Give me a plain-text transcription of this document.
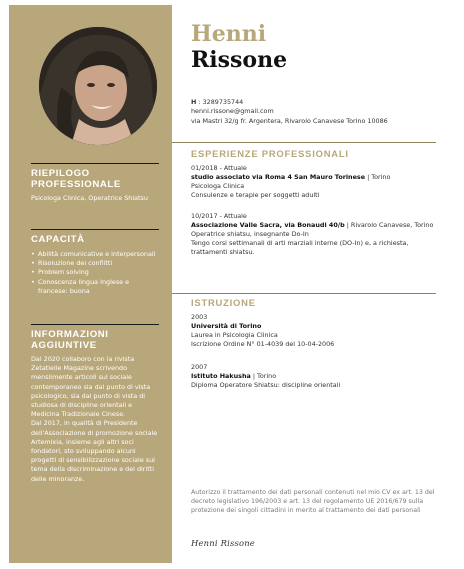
RIEPILOGO PROFESSIONALE
Psicologa Clinica, Operatrice Shiatsu
CAPACITÀ
• Abilità comunicative e interpersonali
• Risoluzione dei conflitti
• Problem solving
• Conoscenza lingua Inglese e francese: buona
INFORMAZIONI AGGIUNTIVE
Dal 2020 collaboro con la rivista Zetatielle Magazine scrivendo mensilmente articoli sul sociale contemporaneo sia dal punto di vista psicologico, sia dal punto di vista di studiosa di discipline orientali e Medicina Tradizionale Cinese.
Dal 2017, in qualità di Presidente dell'Associazione di promozione sociale Artemixia, insieme agli altri soci fondatori, sto sviluppando alcuni progetti di sensibilizzazione sociale sul tema della discriminazione e dei diritti delle minoranze.
Henni
Rissone
H : 3289735744
henni.rissone@gmail.com
via Mastri 32/g fr. Argentera, Rivarolo Canavese Torino 10086
ESPERIENZE PROFESSIONALI
01/2018 - Attuale
studio associato via Roma 4 San Mauro Torinese | Torino
Psicologa Clinica
Consulenze e terapie per soggetti adulti
10/2017 - Attuale
Associazione Valle Sacra, via Bonaudi 40/b | Rivarolo Canavese, Torino
Operatrice shiatsu, insegnante Do-In
Tengo corsi settimanali di arti marziali interne (DO-In) e, a richiesta, trattamenti shiatsu.
ISTRUZIONE
2003
Università di Torino
Laurea in Psicologia Clinica
Iscrizione Ordine N° 01-4039 del 10-04-2006
2007
Istituto Hakusha | Torino
Diploma Operatore Shiatsu: discipline orientali
Autorizzo il trattamento dei dati personali contenuti nel mio CV ex art. 13 del decreto legislativo 196/2003 e art. 13 del regolamento UE 2016/679 sulla protezione dei singoli cittadini in merito al trattamento dei dati personali
Henni Rissone
